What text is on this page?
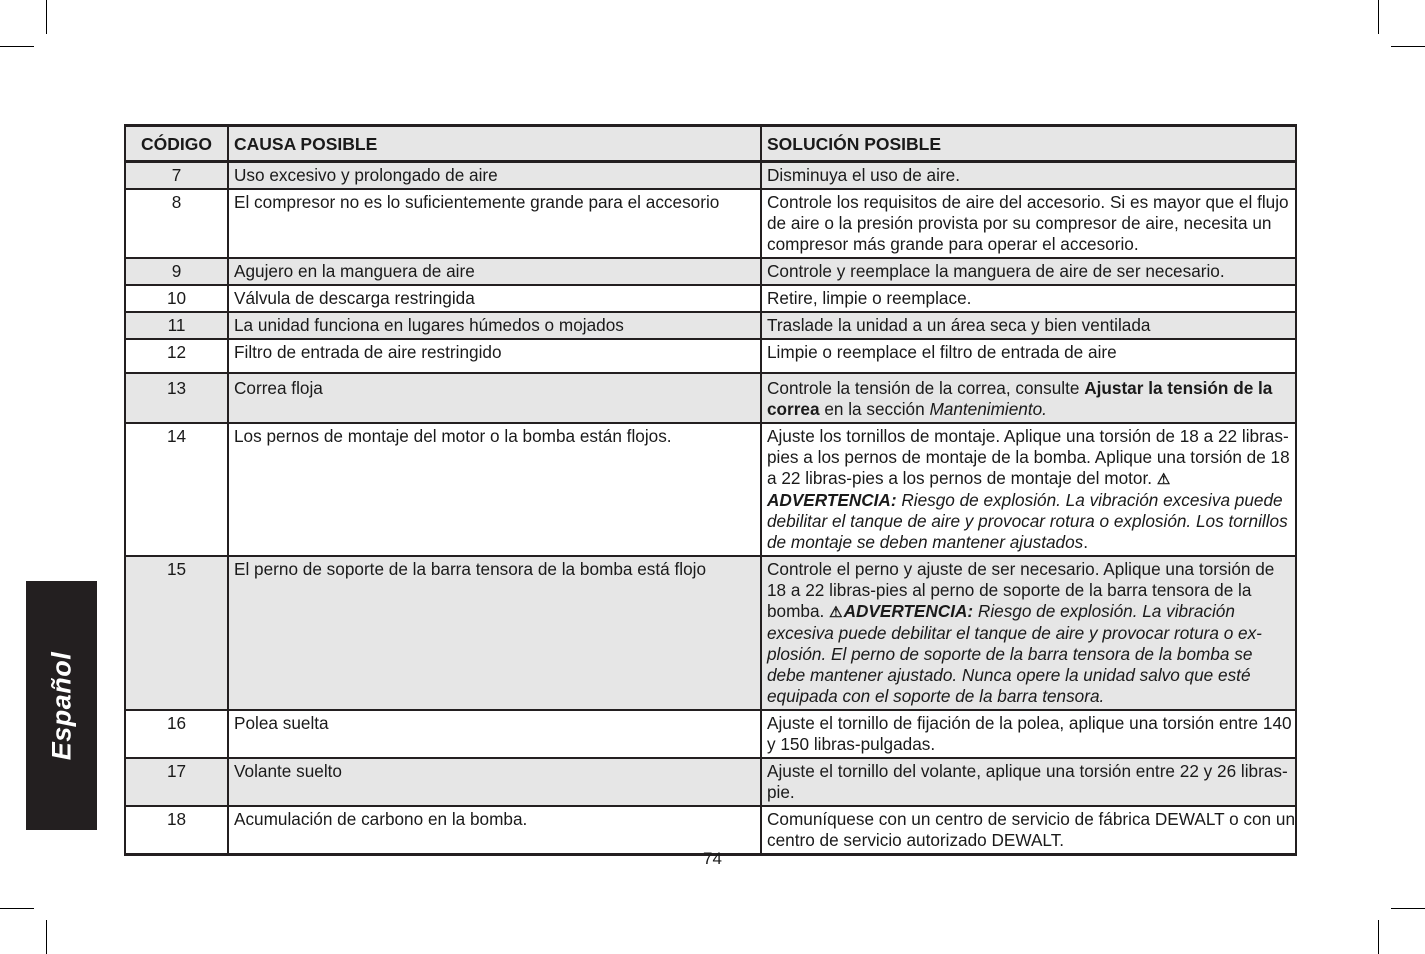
Español
CÓDIGO	CAUSA POSIBLE	SOLUCIÓN POSIBLE
7	Uso excesivo y prolongado de aire	Disminuya el uso de aire.
8	El compresor no es lo suficientemente grande para el accesorio	Controle los requisitos de aire del accesorio. Si es mayor que el flujo de aire o la presión provista por su compresor de aire, necesita un compresor más grande para operar el accesorio.
9	Agujero en la manguera de aire	Controle y reemplace la manguera de aire de ser necesario.
10	Válvula de descarga restringida	Retire, limpie o reemplace.
11	La unidad funciona en lugares húmedos o mojados	Traslade la unidad a un área seca y bien ventilada
12	Filtro de entrada de aire restringido	Limpie o reemplace el filtro de entrada de aire
13	Correa floja	Controle la tensión de la correa, consulte Ajustar la tensión de la correa en la sección Mantenimiento.
14	Los pernos de montaje del motor o la bomba están flojos.	Ajuste los tornillos de montaje. Aplique una torsión de 18 a 22 libras-pies a los pernos de montaje de la bomba. Aplique una torsión de 18 a 22 libras-pies a los pernos de montaje del motor. ⚠ADVERTENCIA: Riesgo de explosión. La vibración excesiva puede debilitar el tanque de aire y provocar rotura o explosión. Los tornillos de montaje se deben mantener ajustados.
15	El perno de soporte de la barra tensora de la bomba está flojo	Controle el perno y ajuste de ser necesario. Aplique una torsión de 18 a 22 libras-pies al perno de soporte de la barra tensora de la bomba. ⚠ADVERTENCIA: Riesgo de explosión. La vibración excesiva puede debilitar el tanque de aire y provocar rotura o ex-plosión. El perno de soporte de la barra tensora de la bomba se debe mantener ajustado. Nunca opere la unidad salvo que esté equipada con el soporte de la barra tensora.
16	Polea suelta	Ajuste el tornillo de fijación de la polea, aplique una torsión entre 140 y 150 libras-pulgadas.
17	Volante suelto	Ajuste el tornillo del volante, aplique una torsión entre 22 y 26 libras-pie.
18	Acumulación de carbono en la bomba.	Comuníquese con un centro de servicio de fábrica DEWALT o con un centro de servicio autorizado DEWALT.
74
